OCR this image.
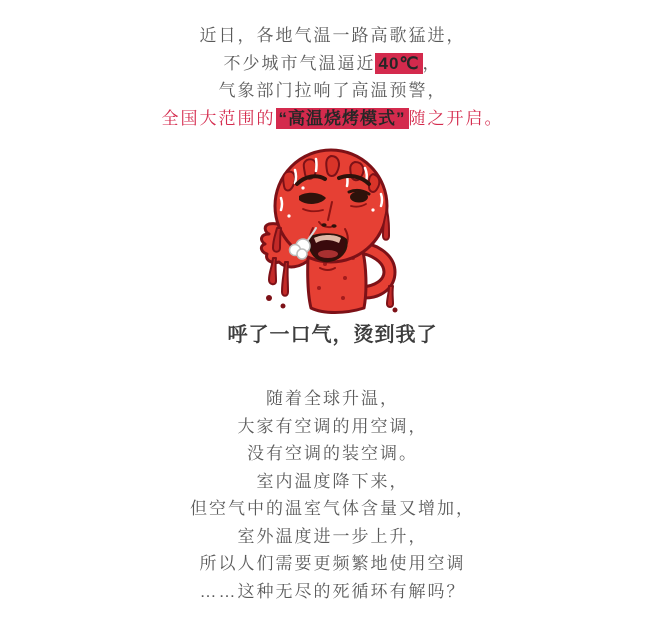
近日，各地气温一路高歌猛进，

不少城市气温逼近 40℃ ，

气象部门拉响了高温预警，

全国大范围的 “高温烧烤模式” 随之开启。

呼了一口气，烫到我了

随着全球升温，

大家有空调的用空调，

没有空调的装空调。

室内温度降下来，

但空气中的温室气体含量又增加，

室外温度进一步上升，

所以人们需要更频繁地使用空调

……这种无尽的死循环有解吗？
